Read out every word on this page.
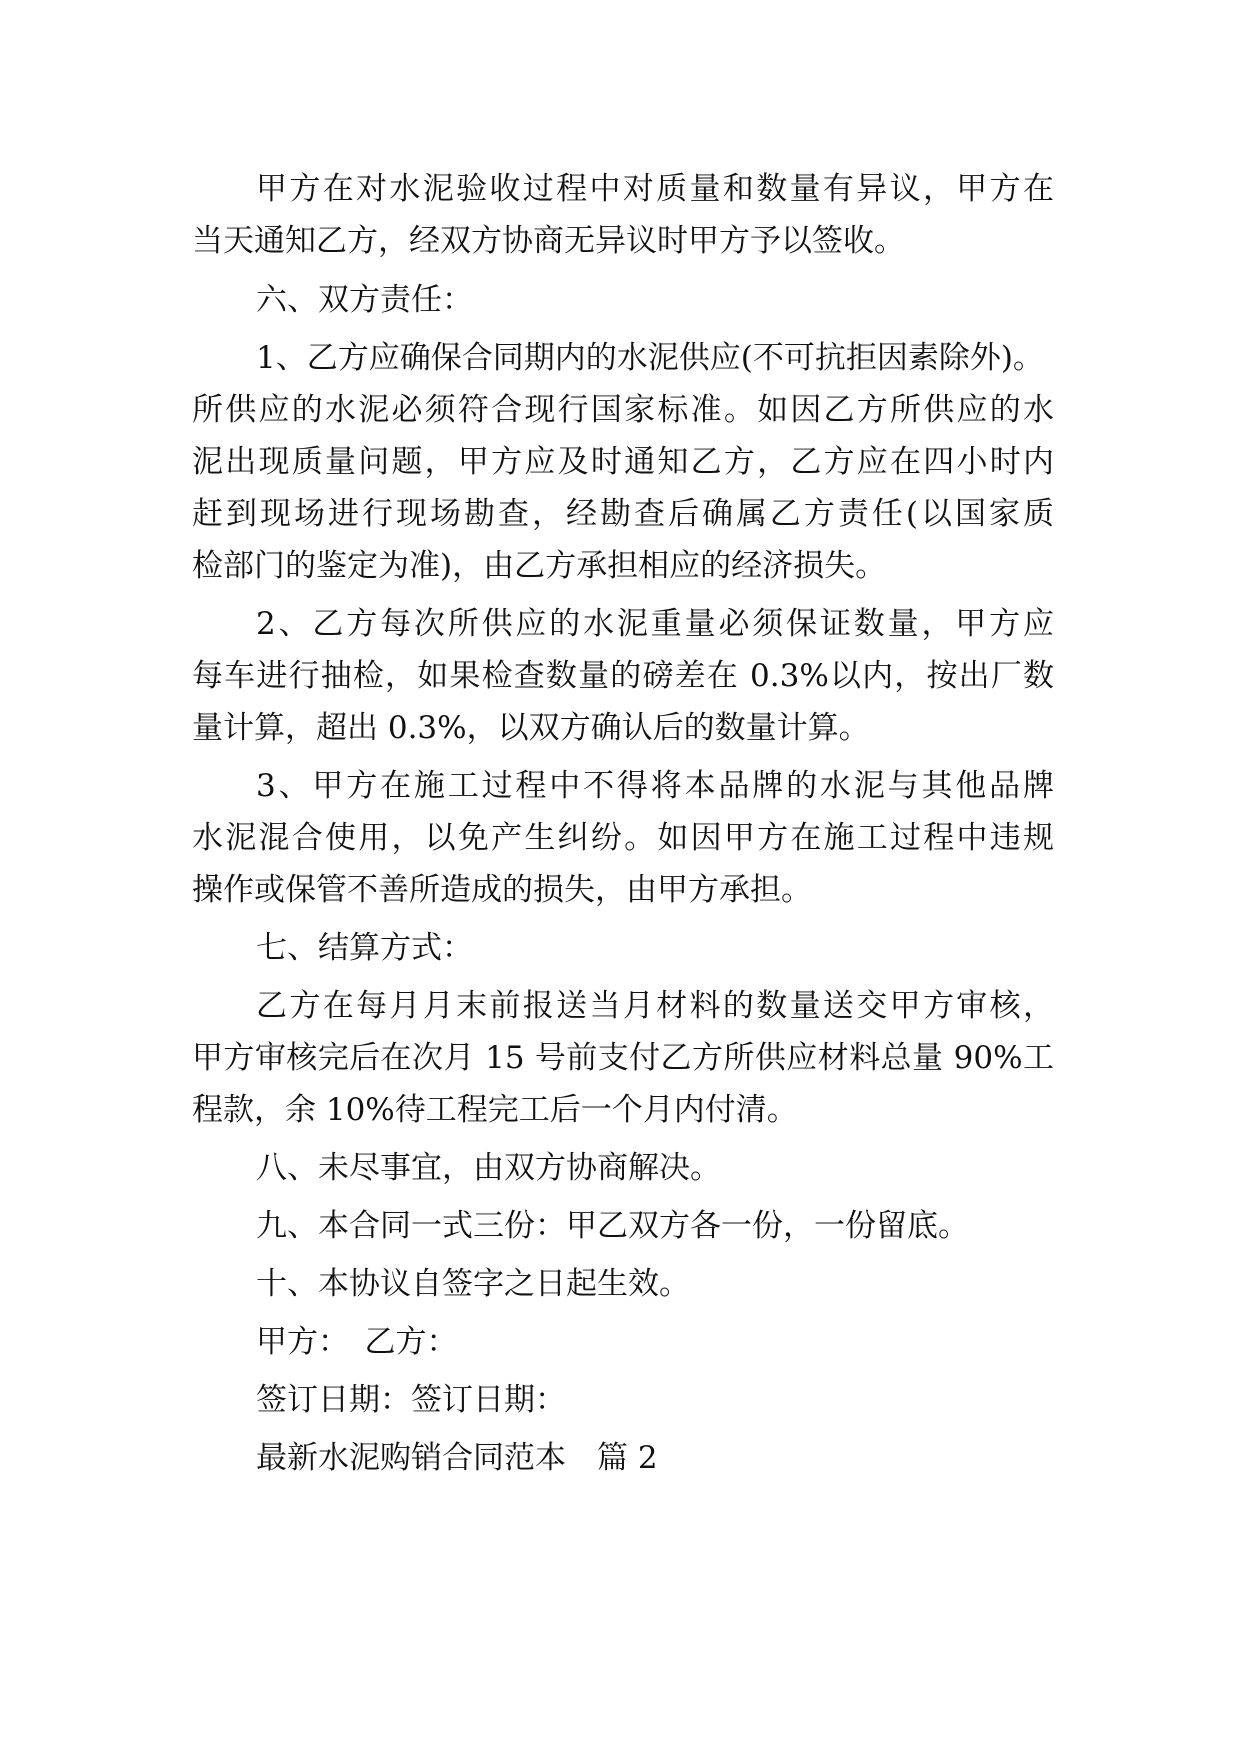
甲方在对水泥验收过程中对质量和数量有异议，甲方在
当天通知乙方，经双方协商无异议时甲方予以签收。
六、双方责任：
1、乙方应确保合同期内的水泥供应(不可抗拒因素除外)。
所供应的水泥必须符合现行国家标准。如因乙方所供应的水
泥出现质量问题，甲方应及时通知乙方，乙方应在四小时内
赶到现场进行现场勘查，经勘查后确属乙方责任(以国家质
检部门的鉴定为准)，由乙方承担相应的经济损失。
2、乙方每次所供应的水泥重量必须保证数量，甲方应
每车进行抽检，如果检查数量的磅差在 0.3%以内，按出厂数
量计算，超出 0.3%，以双方确认后的数量计算。
3、甲方在施工过程中不得将本品牌的水泥与其他品牌
水泥混合使用，以免产生纠纷。如因甲方在施工过程中违规
操作或保管不善所造成的损失，由甲方承担。
七、结算方式：
乙方在每月月末前报送当月材料的数量送交甲方审核，
甲方审核完后在次月 15 号前支付乙方所供应材料总量 90%工
程款，余 10%待工程完工后一个月内付清。
八、未尽事宜，由双方协商解决。
九、本合同一式三份：甲乙双方各一份，一份留底。
十、本协议自签字之日起生效。
甲方：　乙方：
签订日期：签订日期：
最新水泥购销合同范本　篇 2
